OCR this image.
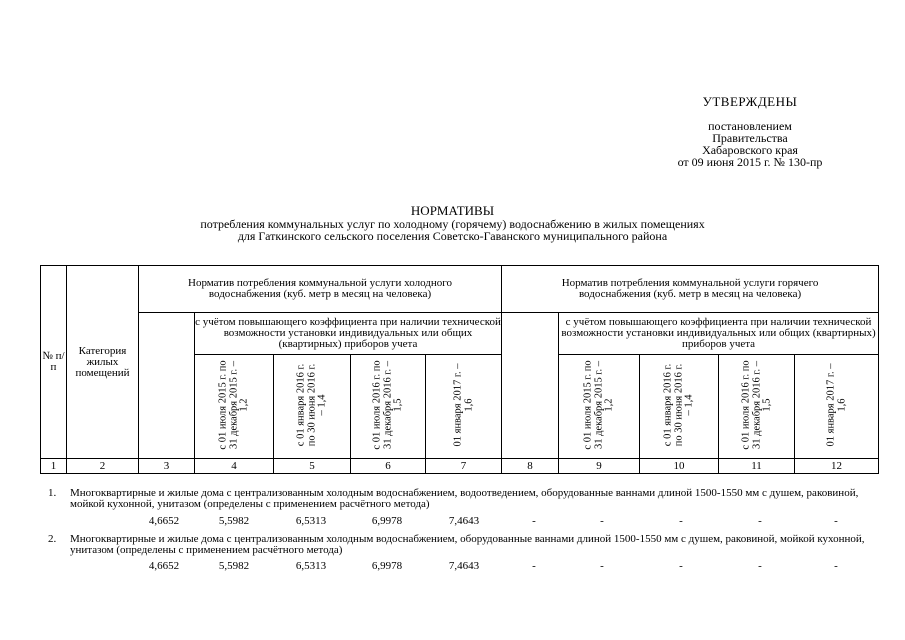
УТВЕРЖДЕНЫ
постановлением
Правительства
Хабаровского края
от 09 июня 2015 г. № 130-пр
НОРМАТИВЫ
потребления коммунальных услуг по холодному (горячему) водоснабжению в жилых помещениях
для Гаткинского сельского поселения Советско-Гаванского муниципального района
№ п/п	Категория жилых помещений	Норматив потребления коммунальной услуги холодного водоснабжения (куб. метр в месяц на человека)					Норматив потребления коммунальной услуги горячего водоснабжения (куб. метр в месяц на человека)				
			с учётом повышающего коэффициента при наличии технической возможности установки индивидуальных или общих (квартирных) приборов учета					с учётом повышающего коэффициента при наличии технической возможности установки индивидуальных или общих (квартирных) приборов учета			

			с 01 июля 2015 г. по 31 декабря 2015 г. – 1,2	с 01 января 2016 г. по 30 июня 2016 г. – 1,4	с 01 июля 2016 г. по 31 декабря 2016 г. – 1,5	01 января 2017 г. – 1,6		с 01 июля 2015 г. по 31 декабря 2015 г. – 1,2	с 01 января 2016 г. по 30 июня 2016 г. – 1,4	с 01 июля 2016 г. по 31 декабря 2016 г. – 1,5	01 января 2017 г. – 1,6

1	2	3	4	5	6	7	8	9	10	11	12
1. Многоквартирные и жилые дома с централизованным холодным водоснабжением, водоотведением, оборудованные ваннами длиной 1500-1550 мм с душем, раковиной, мойкой кухонной, унитазом (определены с применением расчётного метода)
4,6652	5,5982	6,5313	6,9978	7,4643	-	-	-	-	-
2. Многоквартирные и жилые дома с централизованным холодным водоснабжением, оборудованные ваннами длиной 1500-1550 мм с душем, раковиной, мойкой кухонной, унитазом (определены с применением расчётного метода)
4,6652	5,5982	6,5313	6,9978	7,4643	-	-	-	-	-
